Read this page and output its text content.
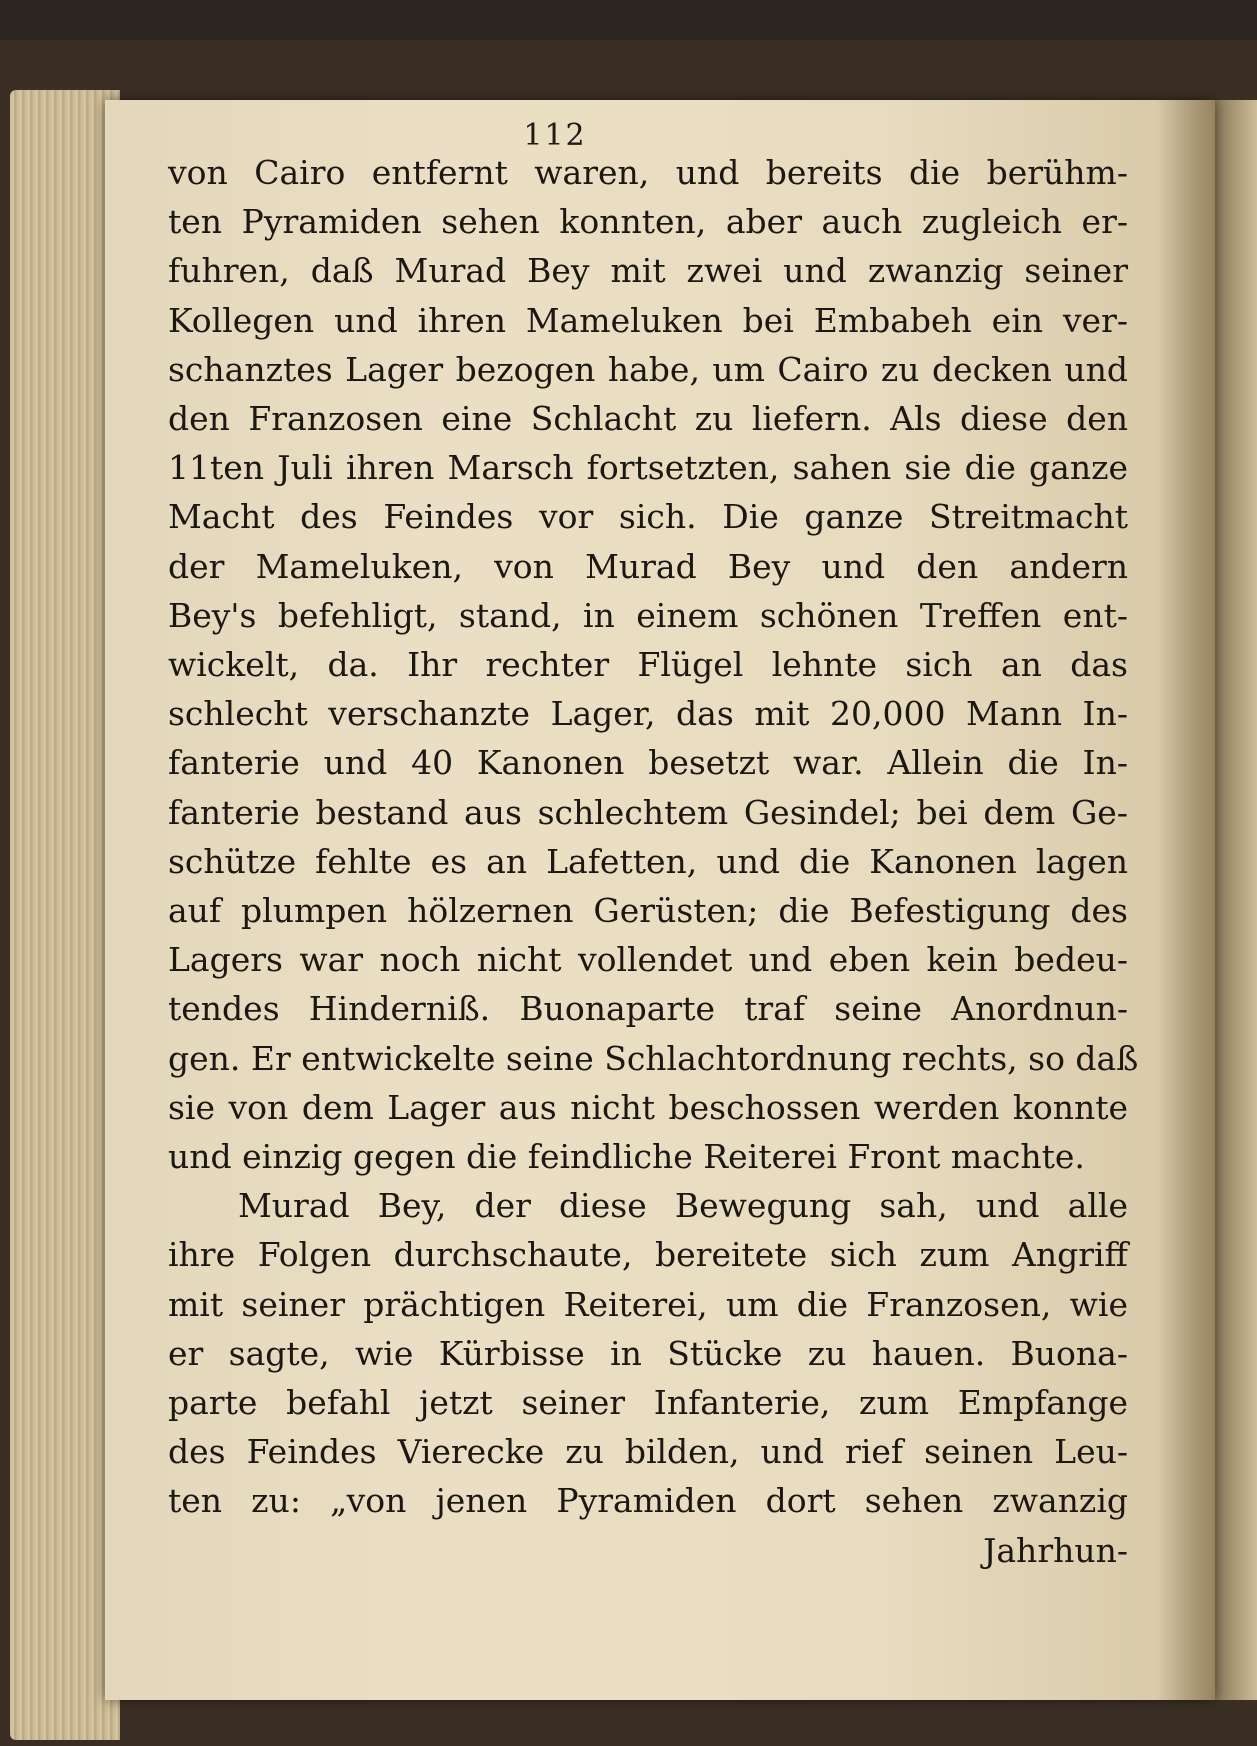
112
von Cairo entfernt waren, und bereits die berühm-
ten Pyramiden sehen konnten, aber auch zugleich er-
fuhren, daß Murad Bey mit zwei und zwanzig seiner
Kollegen und ihren Mameluken bei Embabeh ein ver-
schanztes Lager bezogen habe, um Cairo zu decken und
den Franzosen eine Schlacht zu liefern. Als diese den
11ten Juli ihren Marsch fortsetzten, sahen sie die ganze
Macht des Feindes vor sich. Die ganze Streitmacht
der Mameluken, von Murad Bey und den andern
Bey's befehligt, stand, in einem schönen Treffen ent-
wickelt, da. Ihr rechter Flügel lehnte sich an das
schlecht verschanzte Lager, das mit 20,000 Mann In-
fanterie und 40 Kanonen besetzt war. Allein die In-
fanterie bestand aus schlechtem Gesindel; bei dem Ge-
schütze fehlte es an Lafetten, und die Kanonen lagen
auf plumpen hölzernen Gerüsten; die Befestigung des
Lagers war noch nicht vollendet und eben kein bedeu-
tendes Hinderniß. Buonaparte traf seine Anordnun-
gen. Er entwickelte seine Schlachtordnung rechts, so daß
sie von dem Lager aus nicht beschossen werden konnte
und einzig gegen die feindliche Reiterei Front machte.
Murad Bey, der diese Bewegung sah, und alle
ihre Folgen durchschaute, bereitete sich zum Angriff
mit seiner prächtigen Reiterei, um die Franzosen, wie
er sagte, wie Kürbisse in Stücke zu hauen. Buona-
parte befahl jetzt seiner Infanterie, zum Empfange
des Feindes Vierecke zu bilden, und rief seinen Leu-
ten zu: „von jenen Pyramiden dort sehen zwanzig
Jahrhun-
